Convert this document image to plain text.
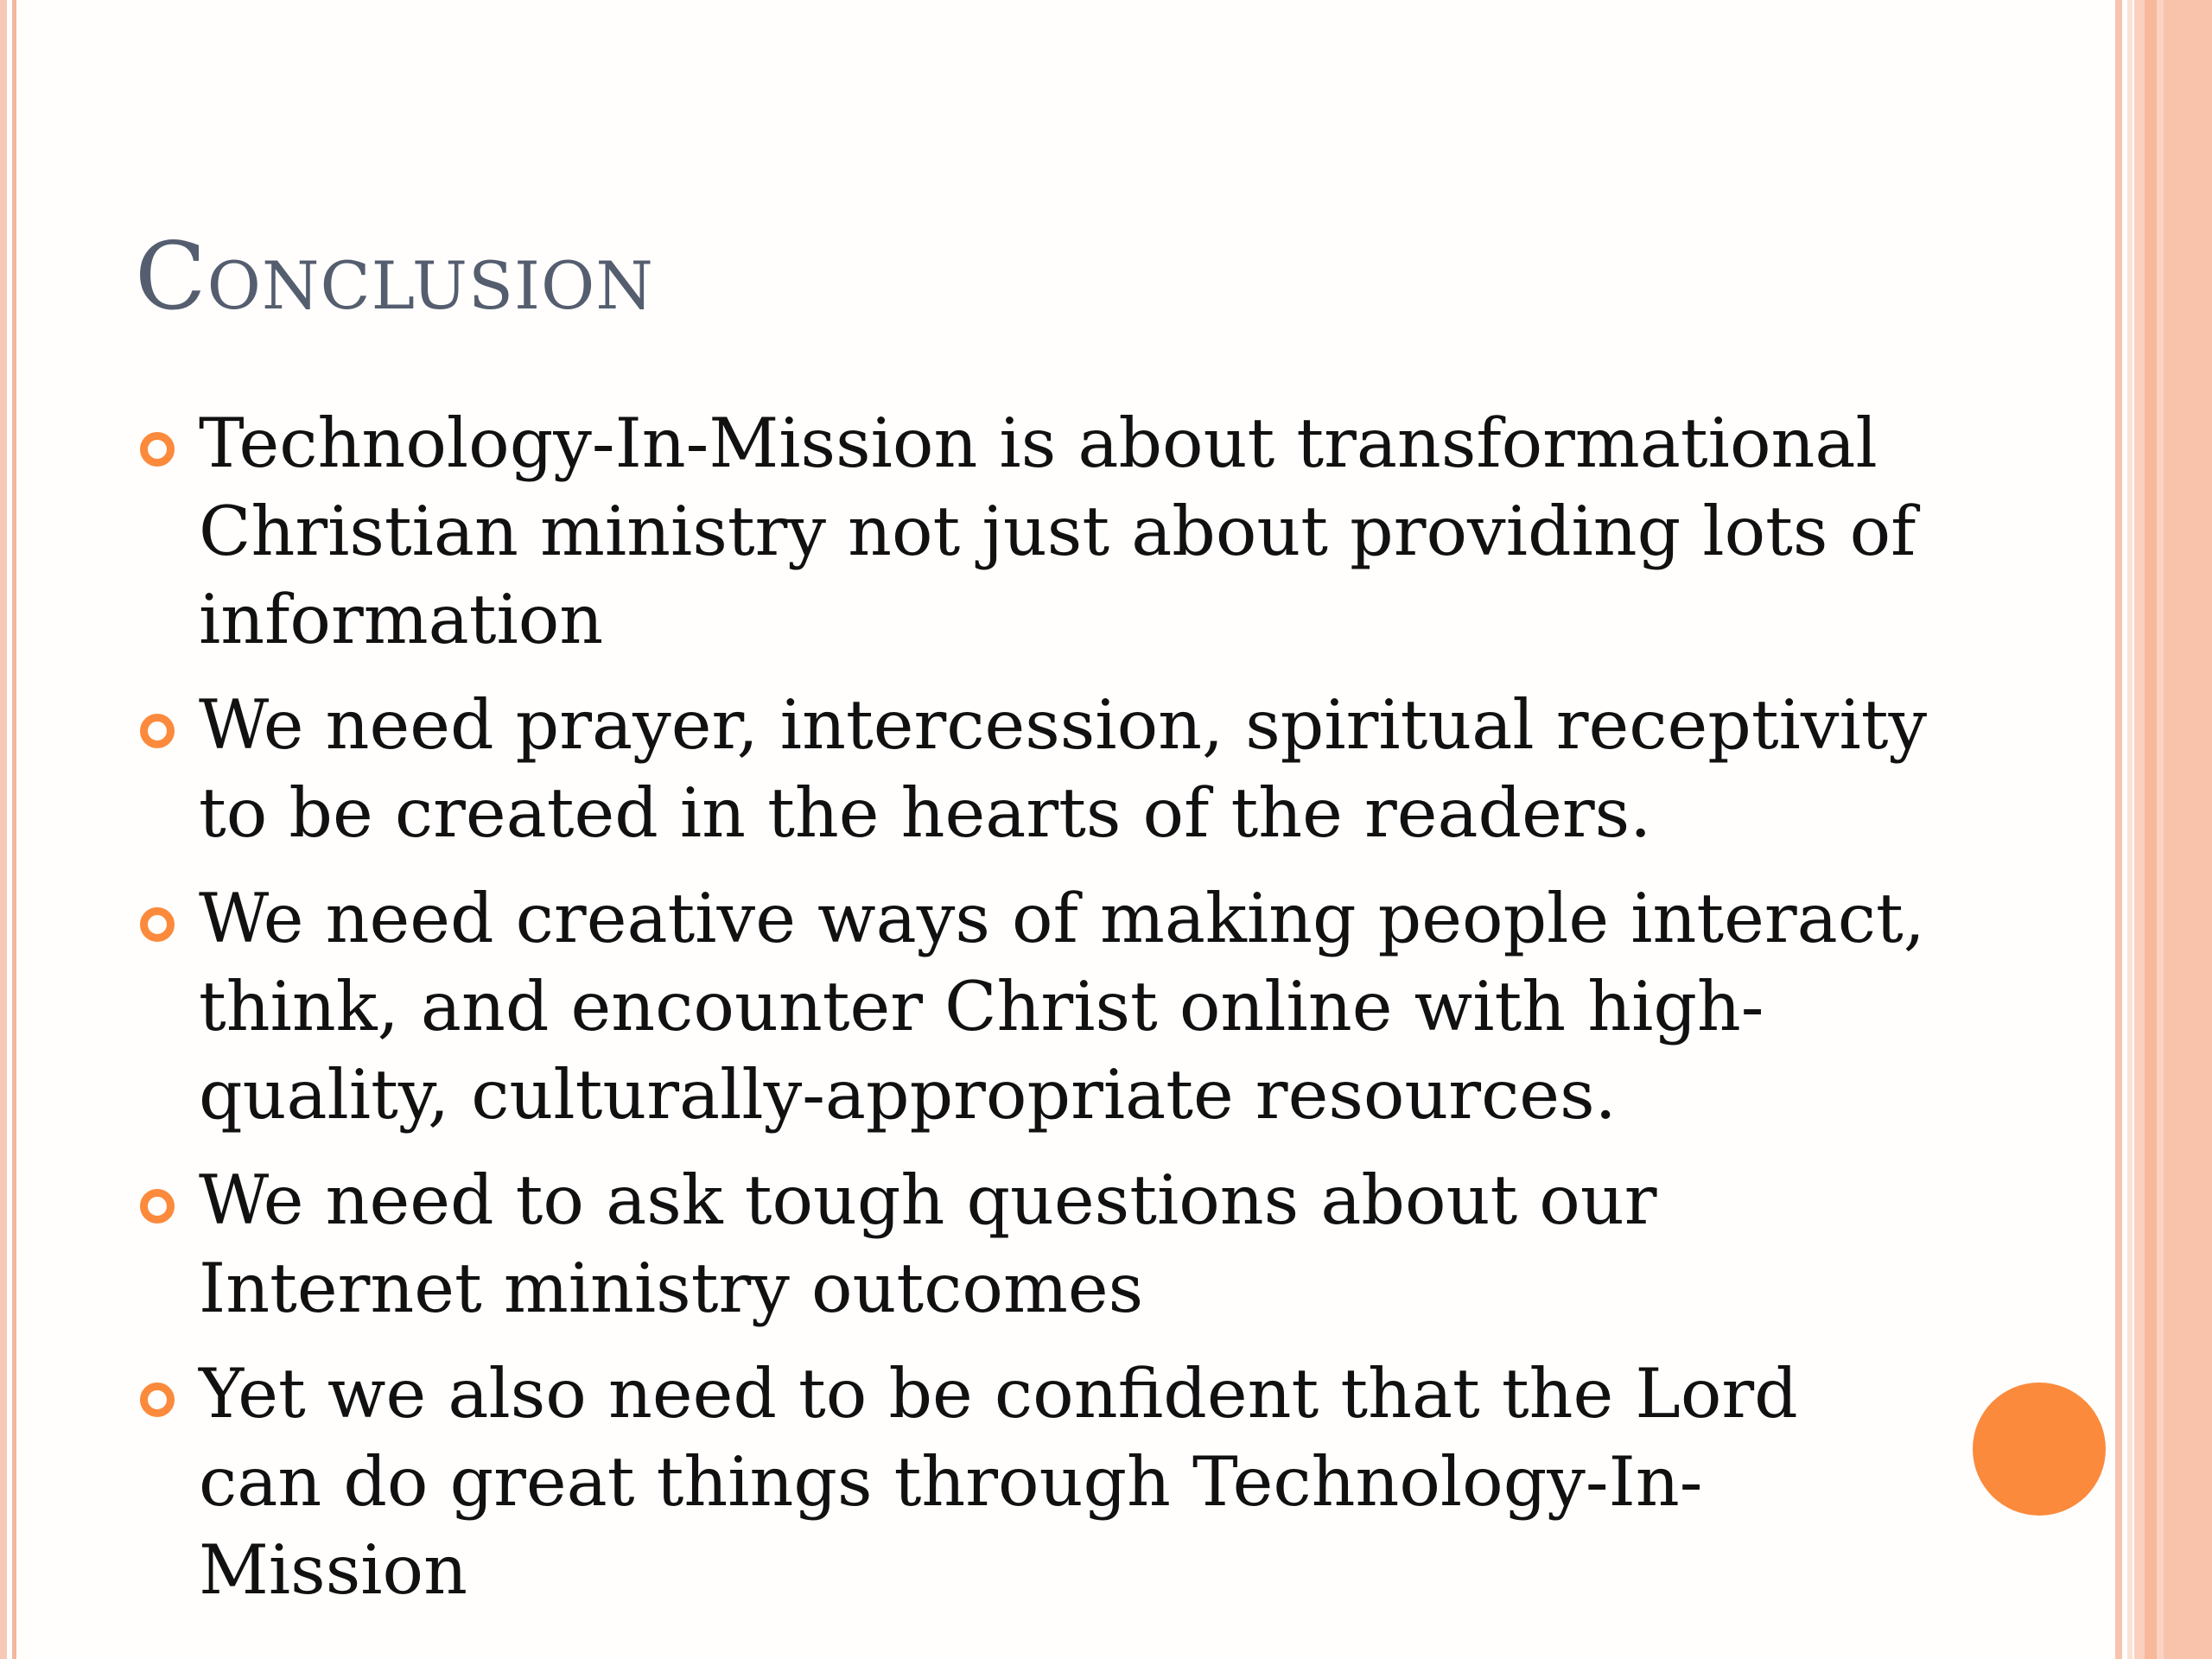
Conclusion
Technology-In-Mission is about transformational Christian ministry not just about providing lots of information
We need prayer, intercession, spiritual receptivity to be created in the hearts of the readers.
We need creative ways of making people interact, think, and encounter Christ online with high-quality, culturally-appropriate resources.
We need to ask tough questions about our Internet ministry outcomes
Yet we also need to be confident that the Lord can do great things through Technology-In-Mission
